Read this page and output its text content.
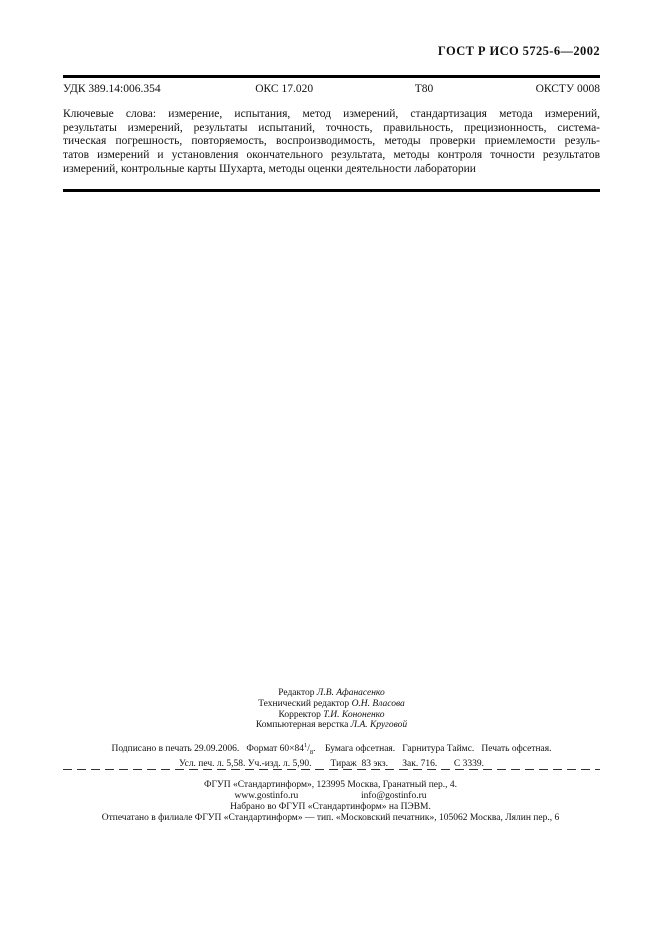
ГОСТ Р ИСО 5725-6—2002
УДК 389.14:006.354	ОКС 17.020	Т80	ОКСТУ 0008
Ключевые слова: измерение, испытания, метод измерений, стандартизация метода измерений,
результаты измерений, результаты испытаний, точность, правильность, прецизионность, система-
тическая погрешность, повторяемость, воспроизводимость, методы проверки приемлемости резуль-
татов измерений и установления окончательного результата, методы контроля точности результатов
измерений, контрольные карты Шухарта, методы оценки деятельности лаборатории
Редактор Л.В. Афанасенко
Технический редактор О.Н. Власова
Корректор Т.И. Кононенко
Компьютерная верстка Л.А. Круговой
Подписано в печать 29.09.2006.   Формат $60\times 84^1/_8$.    Бумага офсетная.   Гарнитура Таймс.   Печать офсетная.
Усл. печ. л. 5,58. Уч.-изд. л. 5,90.        Тираж  83 экз.      Зак. 716.       С 3339.
ФГУП «Стандартинформ», 123995 Москва, Гранатный пер., 4.
www.gostinfo.ru	info@gostinfo.ru
Набрано во ФГУП «Стандартинформ» на ПЭВМ.
Отпечатано в филиале ФГУП «Стандартинформ» — тип. «Московский печатник», 105062 Москва, Лялин пер., 6
